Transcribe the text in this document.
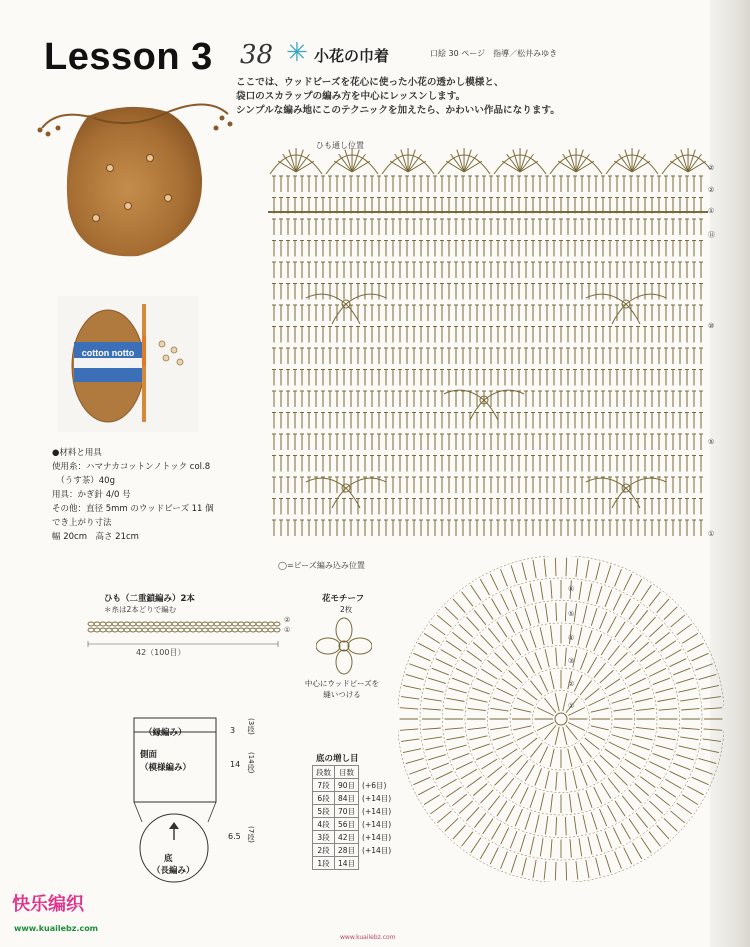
Lesson 3 38 ✳ 小花の巾着	口絵 30 ページ　指導／松井みゆき
ここでは、ウッドビーズを花心に使った小花の透かし模様と、
袋口のスカラップの編み方を中心にレッスンします。
シンプルな編み地にこのテクニックを加えたら、かわいい作品になります。
cotton notto
●材料と用具
使用糸：ハマナカコットンノトック col.8
　（うす茶）40g
用具：かぎ針 4/0 号
その他：直径 5mm のウッドビーズ 11 個
でき上がり寸法
幅 20cm　高さ 21cm
ひも通し位置
②
②
①
⑭
⑩
⑤
①
◯=ビーズ編み込み位置
⑥
⑤
④
③
②
①
ひも（二重鎖編み）2本
＊糸は2本どりで編む
②
①
42（100目）
花モチーフ
2枚
中心にウッドビーズを
縫いつける
（縁編み）
側面
（模様編み）
底
（長編み）
3 (3段)
14 (14段)
6.5 (7段)
底の増し目
段数	目数	
7段	90目	(+6目)
6段	84目	(+14目)
5段	70目	(+14目)
4段	56目	(+14目)
3段	42目	(+14目)
2段	28目	(+14目)
1段	14目	
快乐编织
www.kuailebz.com
www.kuailebz.com
